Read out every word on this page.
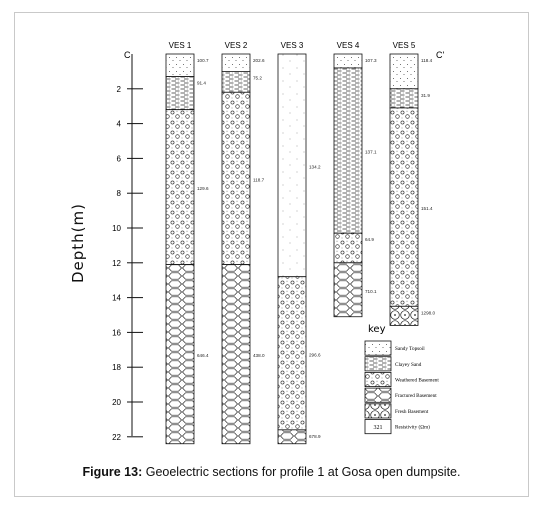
Depth(m)
C	C'
2
4
6
8
10
12
14
16
18
20
22
VES 1
100.7
91.4
129.6
646.4
VES 2
202.6
75.2
118.7
438.0
VES 3
134.2
296.6
678.9
VES 4
107.3
137.1
64.9
710.1
VES 5
118.4
31.9
151.4
1298.0
key
Sandy Topsoil
Clayey Sand
Weathered Basement
Fractured Basement
Fresh Basement
321 Resistivity (Ωm)
Figure 13: Geoelectric sections for profile 1 at Gosa open dumpsite.
